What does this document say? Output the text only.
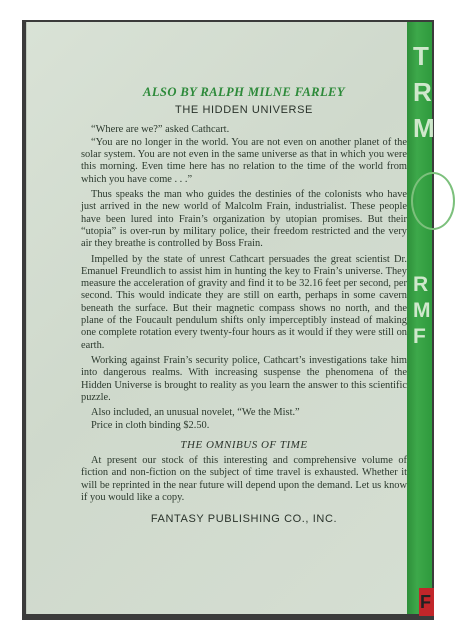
ALSO BY RALPH MILNE FARLEY
THE HIDDEN UNIVERSE

“Where are we?” asked Cathcart.

“You are no longer in the world. You are not even on another planet of the solar system. You are not even in the same universe as that in which you were this morning. Even time here has no relation to the time of the world from which you have come . . .”

Thus speaks the man who guides the destinies of the colonists who have just arrived in the new world of Malcolm Frain, industrialist. These people have been lured into Frain’s organization by utopian promises. But their “utopia” is over-run by military police, their freedom restricted and the very air they breathe is controlled by Boss Frain.

Impelled by the state of unrest Cathcart persuades the great scientist Dr. Emanuel Freundlich to assist him in hunting the key to Frain’s universe. They measure the acceleration of gravity and find it to be 32.16 feet per second, per second. This would indicate they are still on earth, perhaps in some cavern beneath the surface. But their magnetic compass shows no north, and the plane of the Foucault pendulum shifts only imperceptibly instead of making one complete rotation every twenty-four hours as it would if they were still on earth.

Working against Frain’s security police, Cathcart’s investigations take him into dangerous realms. With increasing suspense the phenomena of the Hidden Universe is brought to reality as you learn the answer to this scientific puzzle.

Also included, an unusual novelet, “We the Mist.”

Price in cloth binding $2.50.

THE OMNIBUS OF TIME

At present our stock of this interesting and comprehensive volume of fiction and non-fiction on the subject of time travel is exhausted. Whether it will be reprinted in the near future will depend upon the demand. Let us know if you would like a copy.

FANTASY PUBLISHING CO., INC.
T
R
M
R
M
F
F
